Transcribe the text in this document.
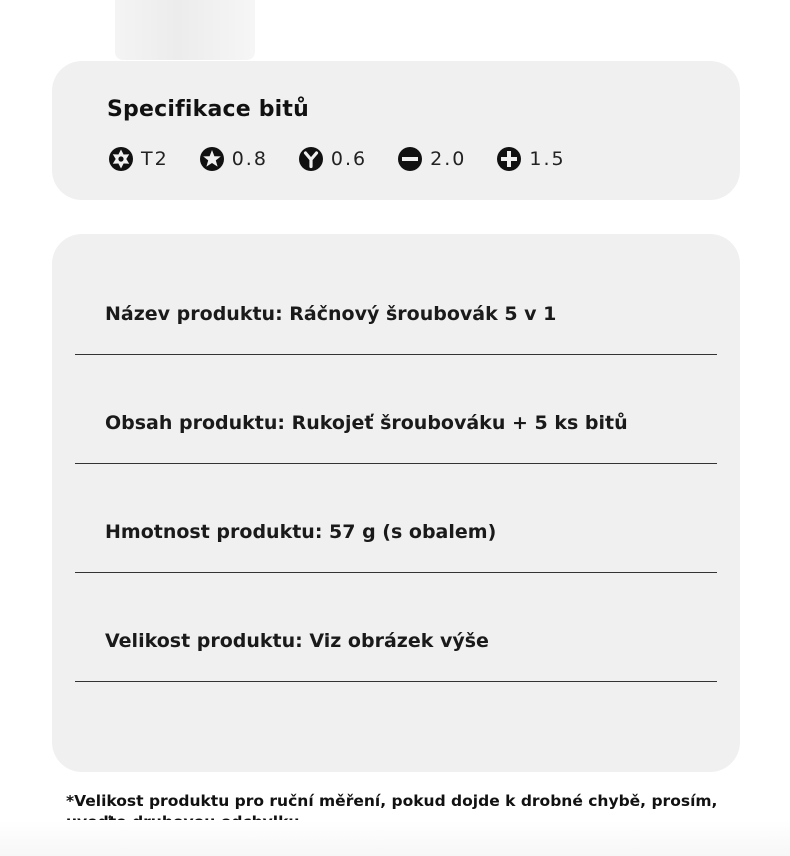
Specifikace bitů
T2	0.8	0.6	2.0	1.5
Název produktu: Ráčnový šroubovák 5 v 1
Obsah produktu: Rukojeť šroubováku + 5 ks bitů
Hmotnost produktu: 57 g (s obalem)
Velikost produktu: Viz obrázek výše
*Velikost produktu pro ruční měření, pokud dojde k drobné chybě, prosím,
